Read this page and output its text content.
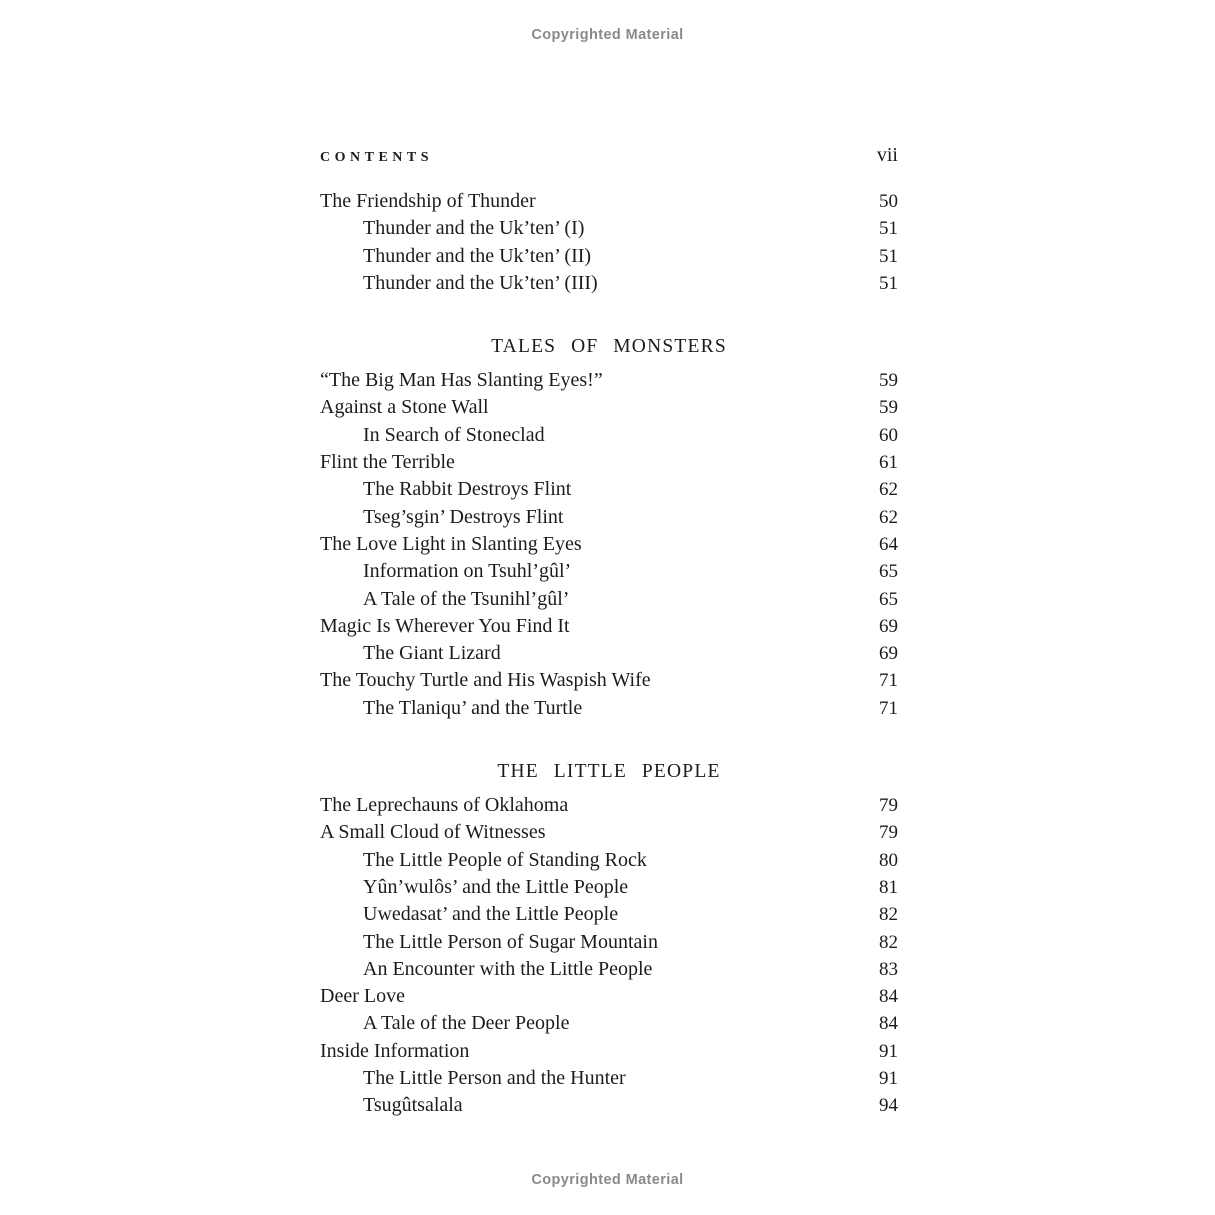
Copyrighted Material
CONTENTS	vii
The Friendship of Thunder	50
Thunder and the Uk’ten’ (I)	51
Thunder and the Uk’ten’ (II)	51
Thunder and the Uk’ten’ (III)	51
TALES OF MONSTERS
“The Big Man Has Slanting Eyes!”	59
Against a Stone Wall	59
In Search of Stoneclad	60
Flint the Terrible	61
The Rabbit Destroys Flint	62
Tseg’sgin’ Destroys Flint	62
The Love Light in Slanting Eyes	64
Information on Tsuhl’gûl’	65
A Tale of the Tsunihl’gûl’	65
Magic Is Wherever You Find It	69
The Giant Lizard	69
The Touchy Turtle and His Waspish Wife	71
The Tlaniqu’ and the Turtle	71
THE LITTLE PEOPLE
The Leprechauns of Oklahoma	79
A Small Cloud of Witnesses	79
The Little People of Standing Rock	80
Yûn’wulôs’ and the Little People	81
Uwedasat’ and the Little People	82
The Little Person of Sugar Mountain	82
An Encounter with the Little People	83
Deer Love	84
A Tale of the Deer People	84
Inside Information	91
The Little Person and the Hunter	91
Tsugûtsalala	94
Copyrighted Material
